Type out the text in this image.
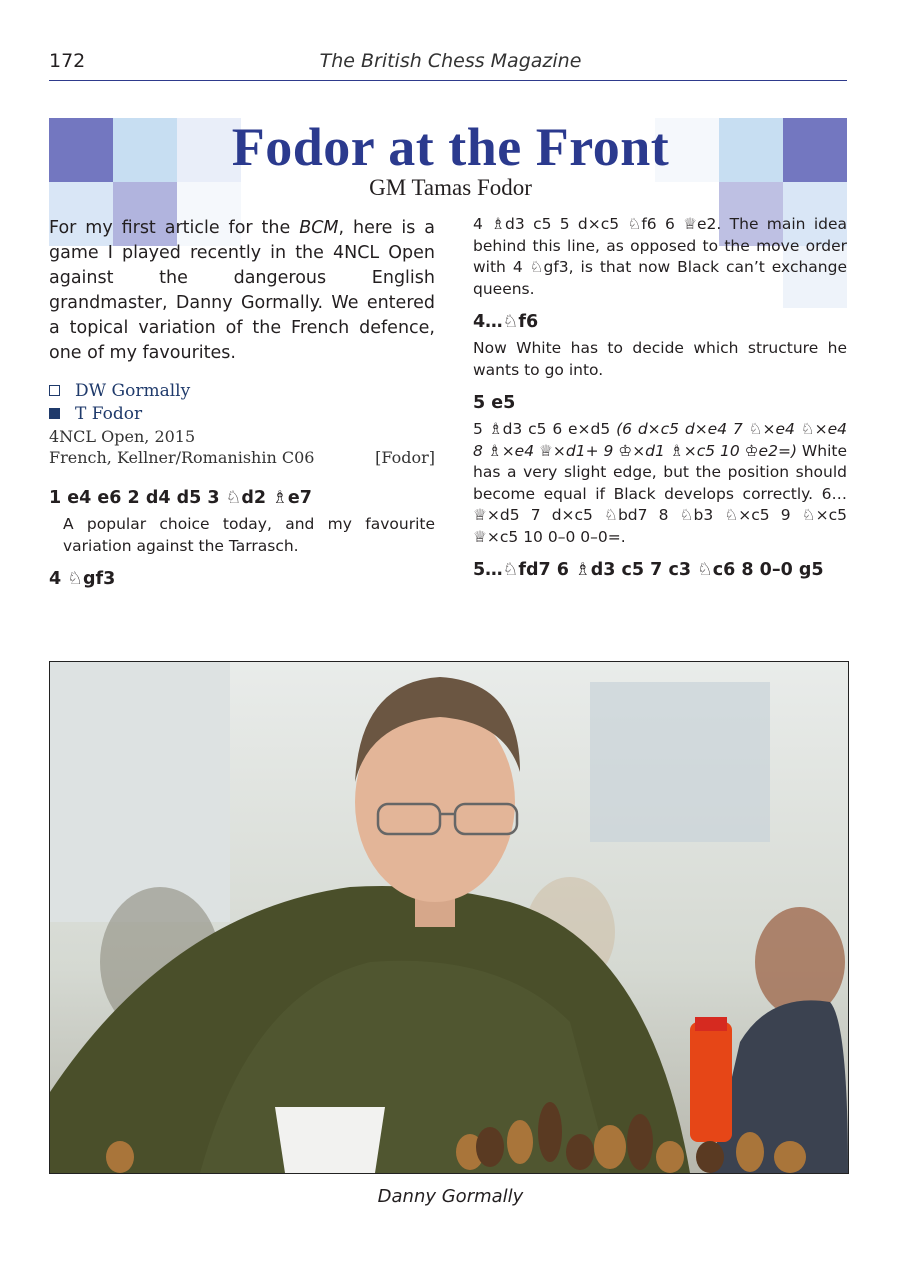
172	The British Chess Magazine
Fodor at the Front
GM Tamas Fodor

For my first article for the BCM, here is a game I played recently in the 4NCL Open against the dangerous English grandmaster, Danny Gormally. We entered a topical variation of the French defence, one of my favourites.

DW Gormally
T Fodor
4NCL Open, 2015
French, Kellner/Romanishin C06	[Fodor]

1 e4 e6 2 d4 d5 3 ♘d2 ♗e7

A popular choice today, and my favourite variation against the Tarrasch.

4 ♘gf3

4 ♗d3 c5 5 d×c5 ♘f6 6 ♕e2. The main idea behind this line, as opposed to the move order with 4 ♘gf3, is that now Black can’t exchange queens.

4…♘f6

Now White has to decide which structure he wants to go into.

5 e5

5 ♗d3 c5 6 e×d5 (6 d×c5 d×e4 7 ♘×e4 ♘×e4 8 ♗×e4 ♕×d1+ 9 ♔×d1 ♗×c5 10 ♔e2=) White has a very slight edge, but the position should become equal if Black develops correctly. 6…♕×d5 7 d×c5 ♘bd7 8 ♘b3 ♘×c5 9 ♘×c5 ♕×c5 10 0–0 0–0=.

5…♘fd7 6 ♗d3 c5 7 c3 ♘c6 8 0–0 g5

Danny Gormally
